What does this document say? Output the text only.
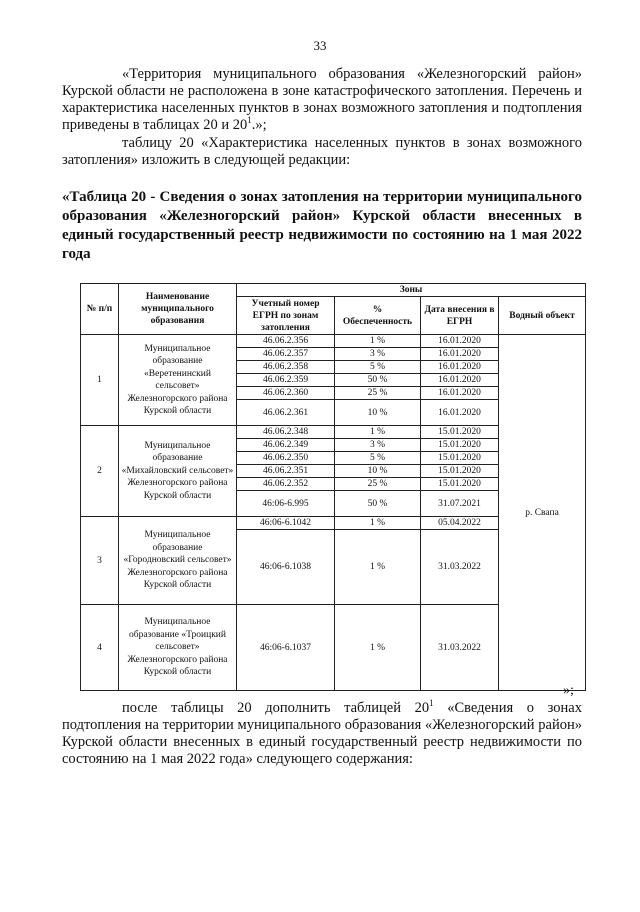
33

«Территория муниципального образования «Железногорский район» Курской области не расположена в зоне катастрофического затопления. Перечень и характеристика населенных пунктов в зонах возможного затопления и подтопления приведены в таблицах 20 и $20^1$.»;

таблицу 20 «Характеристика населенных пунктов в зонах возможного затопления» изложить в следующей редакции:

«Таблица 20 - Сведения о зонах затопления на территории муниципального образования «Железногорский район» Курской области внесенных в единый государственный реестр недвижимости по состоянию на 1 мая 2022 года

№ п/п	Наименование муниципального образования	Зоны			
		Учетный номер ЕГРН по зонам затопления	% Обеспеченность	Дата внесения в ЕГРН	Водный объект
1	Муниципальное образование «Веретенинский сельсовет» Железногорского района Курской области	46.06.2.356	1 %	16.01.2020	р. Свапа
		46.06.2.357	3 %	16.01.2020	
		46.06.2.358	5 %	16.01.2020	
		46.06.2.359	50 %	16.01.2020	
		46.06.2.360	25 %	16.01.2020	
		46.06.2.361	10 %	16.01.2020	
2	Муниципальное образование «Михайловский сельсовет» Железногорского района Курской области	46.06.2.348	1 %	15.01.2020	
		46.06.2.349	3 %	15.01.2020	
		46.06.2.350	5 %	15.01.2020	
		46.06.2.351	10 %	15.01.2020	
		46.06.2.352	25 %	15.01.2020	
		46:06-6.995	50 %	31.07.2021	
3	Муниципальное образование «Городновский сельсовет» Железногорского района Курской области	46:06-6.1042	1 %	05.04.2022	
		46:06-6.1038	1 %	31.03.2022	
4	Муниципальное образование «Троицкий сельсовет» Железногорского района Курской области	46:06-6.1037	1 %	31.03.2022	
»;

после таблицы 20 дополнить таблицей $20^1$ «Сведения о зонах подтопления на территории муниципального образования «Железногорский район» Курской области внесенных в единый государственный реестр недвижимости по состоянию на 1 мая 2022 года» следующего содержания:
